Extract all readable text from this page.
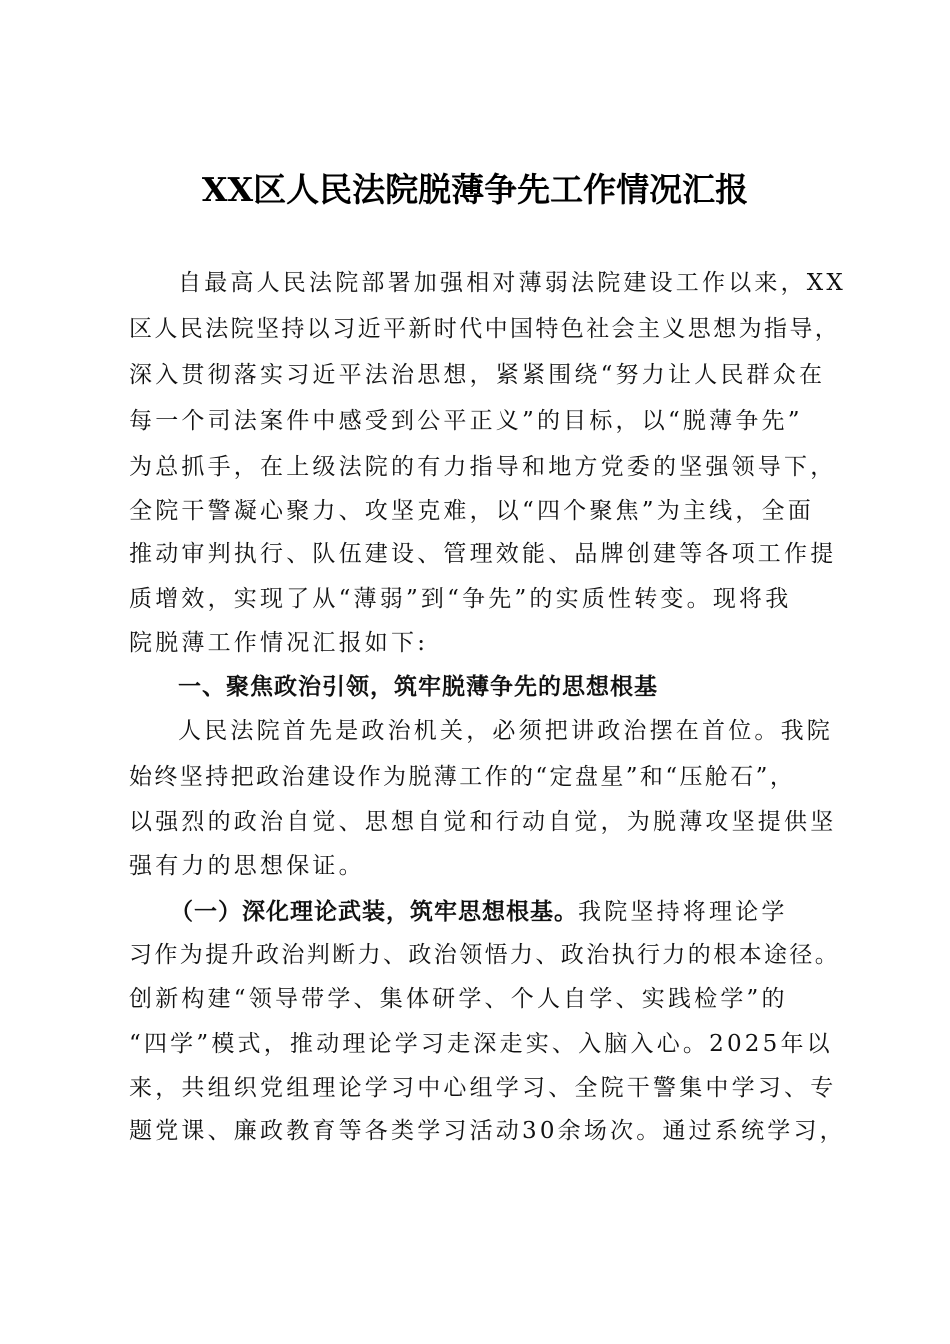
XX区人民法院脱薄争先工作情况汇报
自最高人民法院部署加强相对薄弱法院建设工作以来，XX
区人民法院坚持以习近平新时代中国特色社会主义思想为指导，
深入贯彻落实习近平法治思想，紧紧围绕“努力让人民群众在
每一个司法案件中感受到公平正义”的目标，以“脱薄争先”
为总抓手，在上级法院的有力指导和地方党委的坚强领导下，
全院干警凝心聚力、攻坚克难，以“四个聚焦”为主线，全面
推动审判执行、队伍建设、管理效能、品牌创建等各项工作提
质增效，实现了从“薄弱”到“争先”的实质性转变。现将我
院脱薄工作情况汇报如下:
一、聚焦政治引领，筑牢脱薄争先的思想根基
人民法院首先是政治机关，必须把讲政治摆在首位。我院
始终坚持把政治建设作为脱薄工作的“定盘星”和“压舱石”，
以强烈的政治自觉、思想自觉和行动自觉，为脱薄攻坚提供坚
强有力的思想保证。
（一）深化理论武装，筑牢思想根基。我院坚持将理论学
习作为提升政治判断力、政治领悟力、政治执行力的根本途径。
创新构建“领导带学、集体研学、个人自学、实践检学”的
“四学”模式，推动理论学习走深走实、入脑入心。2025年以
来，共组织党组理论学习中心组学习、全院干警集中学习、专
题党课、廉政教育等各类学习活动30余场次。通过系统学习，
